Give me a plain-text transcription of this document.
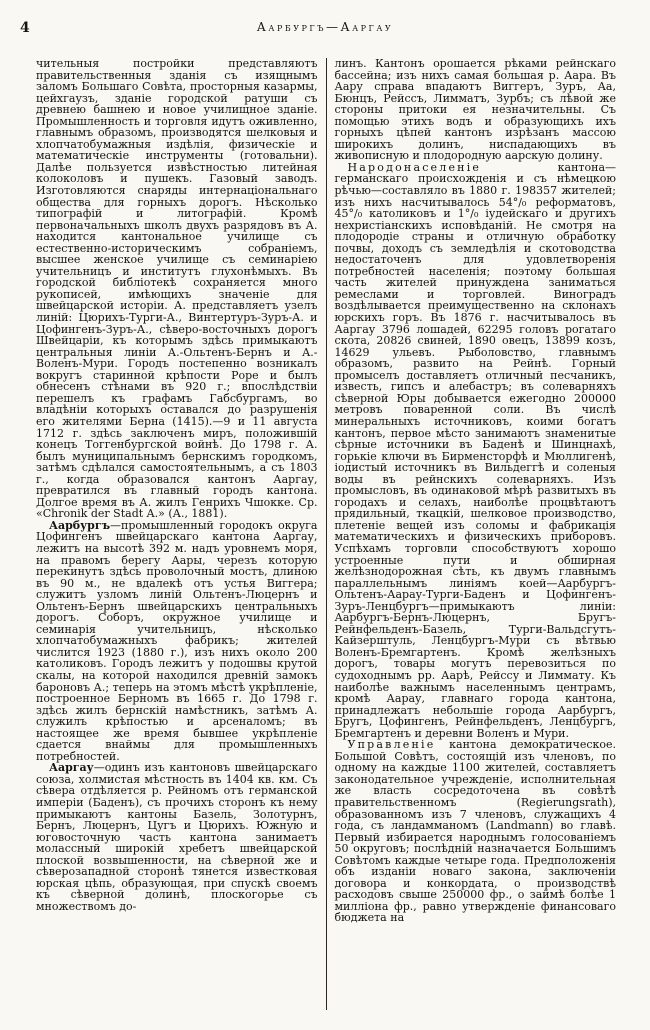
4	Аарбургъ—Ааргау

чительныя постройки представляютъ правительственныя зданія съ изящнымъ заломъ Большаго Совѣта, просторныя казармы, цейхгаузъ, зданіе городской ратуши съ древнею башнею и новое училищное зданіе. Промышленность и торговля идутъ оживленно, главнымъ образомъ, производятся шелковыя и хлопчатобумажныя издѣлія, физическіе и математическіе инструменты (готовальни). Далѣе пользуется извѣстностью литейная колоколовъ и пушекъ. Газовый заводъ. Изготовляются снаряды интернаціональнаго общества для горныхъ дорогъ. Нѣсколько типографій и литографій. Кромѣ первоначальныхъ школъ двухъ разрядовъ въ А. находится кантональное училище съ естественно-историческимъ собраніемъ, высшее женское училище съ семинаріею учительницъ и институтъ глухонѣмыхъ. Въ городской библіотекѣ сохраняется много рукописей, имѣющихъ значеніе для швейцарской исторіи. А. представляетъ узелъ линій: Цюрихъ-Турги-А., Винтертуръ-Зуръ-А. и Цофингенъ-Зуръ-А., сѣверо-восточныхъ дорогъ Швейцаріи, къ которымъ здѣсь примыкаютъ центральныя линіи А.-Ольтенъ-Бернъ и А.-Воленъ-Мури. Городъ постепенно возникалъ вокругъ старинной крѣпости Роре и былъ обнесенъ стѣнами въ 920 г.; впослѣдствіи перешелъ къ графамъ Габсбургамъ, во владѣніи которыхъ оставался до разрушенія его жителями Берна (1415).—9 и 11 августа 1712 г. здѣсь заключенъ миръ, положившій конецъ Тоггенбургской войнѣ. До 1798 г. А. былъ муниципальнымъ бернскимъ городкомъ, затѣмъ сдѣлался самостоятельнымъ, а съ 1803 г., когда образовался кантонъ Ааргау, превратился въ главный городъ кантона. Долгое время въ А. жилъ Генрихъ Чшокке. Ср. «Chronik der Stadt A.» (А., 1881).

Аарбургъ—промышленный городокъ округа Цофингенъ швейцарскаго кантона Ааргау, лежитъ на высотѣ 392 м. надъ уровнемъ моря, на правомъ берегу Аары, черезъ которую перекинутъ здѣсь проволочный мостъ, длиною въ 90 м., не вдалекѣ отъ устья Виггера; служитъ узломъ линій Ольтенъ-Люцернъ и Ольтенъ-Бернъ швейцарскихъ центральныхъ дорогъ. Соборъ, окружное училище и семинарія учительницъ, нѣсколько хлопчатобумажныхъ фабрикъ; жителей числится 1923 (1880 г.), изъ нихъ около 200 католиковъ. Городъ лежитъ у подошвы крутой скалы, на которой находился древній замокъ бароновъ А.; теперь на этомъ мѣстѣ укрѣпленіе, построенное Берномъ въ 1665 г. До 1798 г. здѣсь жилъ бернскій намѣстникъ, затѣмъ А. служилъ крѣпостью и арсеналомъ; въ настоящее же время бывшее укрѣпленіе сдается внаймы для промышленныхъ потребностей.

Ааргау—одинъ изъ кантоновъ швейцарскаго союза, холмистая мѣстность въ 1404 кв. км. Съ сѣвера отдѣляется р. Рейномъ отъ германской имперіи (Баденъ), съ прочихъ сторонъ къ нему примыкаютъ кантоны Базель, Золотурнъ, Бернъ, Люцернъ, Цугъ и Цюрихъ. Южную и юговосточную часть кантона занимаетъ молассный широкій хребетъ швейцарской плоской возвышенности, на сѣверной же и сѣверозападной сторонѣ тянется известковая юрская цѣпь, образующая, при спускѣ своемъ къ сѣверной долинѣ, плоскогорье съ множествомъ до-

линъ. Кантонъ орошается рѣками рейнскаго бассейна; изъ нихъ самая большая р. Аара. Въ Аару справа впадаютъ Виггеръ, Зуръ, Аа, Бюнцъ, Рейссъ, Лимматъ, Зурбъ; съ лѣвой же стороны притоки ея незначительны. Съ помощью этихъ водъ и образующихъ ихъ горныхъ цѣпей кантонъ изрѣзанъ массою широкихъ долинъ, ниспадающихъ въ живописную и плодородную аарскую долину.

Народонаселеніе кантона—германскаго происхожденія и съ нѣмецкою рѣчью—составляло въ 1880 г. 198357 жителей; изъ нихъ насчитывалось 54°/₀ реформатовъ, 45°/₀ католиковъ и 1°/₀ іудейскаго и другихъ нехристіанскихъ исповѣданій. Не смотря на плодородіе страны и отличную обработку почвы, доходъ съ земледѣлія и скотоводства недостаточенъ для удовлетворенія потребностей населенія; поэтому большая часть жителей принуждена заниматься ремеслами и торговлей. Виноградъ воздѣлывается преимущественно на склонахъ юрскихъ горъ. Въ 1876 г. насчитывалось въ Ааргау 3796 лошадей, 62295 головъ рогатаго скота, 20826 свиней, 1890 овецъ, 13899 козъ, 14629 ульевъ. Рыболовство, главнымъ образомъ, развито на Рейнѣ. Горный промыселъ доставляетъ отличный песчаникъ, известь, гипсъ и алебастръ; въ солеварняхъ сѣверной Юры добывается ежегодно 200000 метровъ поваренной соли. Въ числѣ минеральныхъ источниковъ, коими богатъ кантонъ, первое мѣсто занимаютъ знаменитые сѣрные источники въ Баденѣ и Шинцнахѣ, горькіе ключи въ Бирменсторфѣ и Мюллигенѣ, іодистый источникъ въ Вильдеггѣ и соленыя воды въ рейнскихъ солеварняхъ. Изъ промысловъ, въ одинаковой мѣрѣ развитыхъ въ городахъ и селахъ, наиболѣе процвѣтаютъ прядильный, ткацкій, шелковое производство, плетеніе вещей изъ соломы и фабрикація математическихъ и физическихъ приборовъ. Успѣхамъ торговли способствуютъ хорошо устроенные пути и обширная желѣзнодорожная сѣть, къ двумъ главнымъ параллельнымъ линіямъ коей—Аарбургъ-Ольтенъ-Аарау-Турги-Баденъ и Цофингенъ-Зуръ-Ленцбургъ—примыкаютъ линіи: Аарбургъ-Бернъ-Люцернъ, Бругъ-Рейнфельденъ-Базель, Турги-Вальдсгутъ-Кайзерштуль, Ленцбургъ-Мури съ вѣтвью Воленъ-Бремгартенъ. Кромѣ желѣзныхъ дорогъ, товары могутъ перевозиться по судоходнымъ рр. Аарѣ, Рейссу и Лиммату. Къ наиболѣе важнымъ населеннымъ центрамъ, кромѣ Аарау, главнаго города кантона, принадлежатъ небольшіе города Аарбургъ, Бругъ, Цофингенъ, Рейнфельденъ, Ленцбургъ, Бремгартенъ и деревни Воленъ и Мури.

Управленіе кантона демократическое. Большой Совѣтъ, состоящій изъ членовъ, по одному на каждые 1100 жителей, составляетъ законодательное учрежденіе, исполнительная же власть сосредоточена въ совѣтѣ правительственномъ (Regierungsrath), образованномъ изъ 7 членовъ, служащихъ 4 года, съ ландамманомъ (Landmann) во главѣ. Первый избирается народнымъ голосованіемъ 50 округовъ; послѣдній назначается Большимъ Совѣтомъ каждые четыре года. Предположенія объ изданіи новаго закона, заключеніи договора и конкордата, о производствѣ расходовъ свыше 250000 фр., о займѣ болѣе 1 милліона фр., равно утвержденіе финансоваго бюджета на
